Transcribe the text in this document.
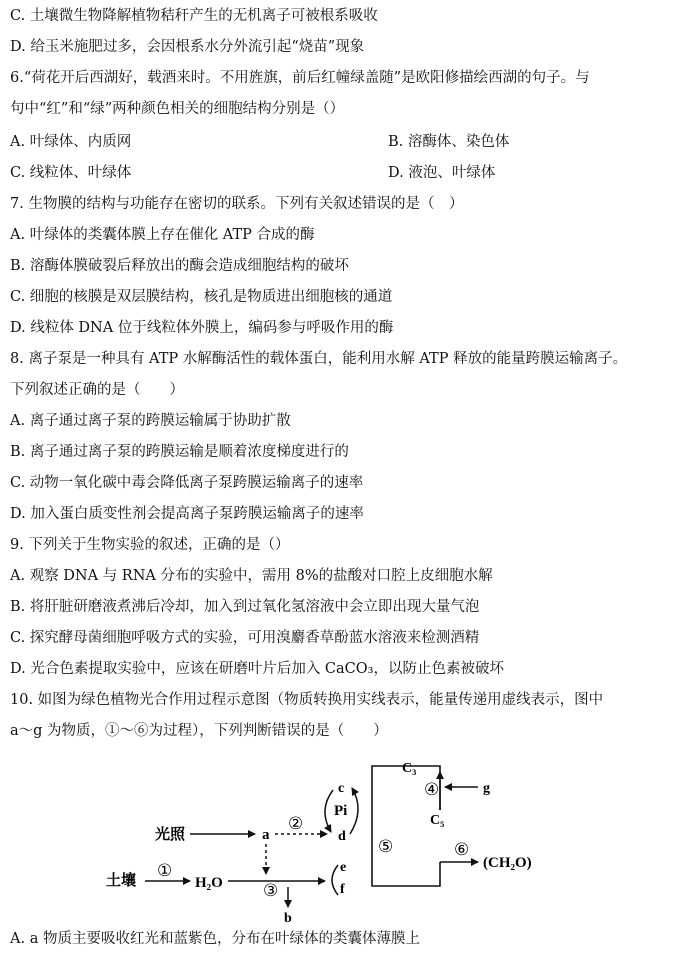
C. 土壤微生物降解植物秸秆产生的无机离子可被根系吸收
D. 给玉米施肥过多，会因根系水分外流引起“烧苗”现象
6.“荷花开后西湖好，载酒来时。不用旌旗，前后红幢绿盖随”是欧阳修描绘西湖的句子。与
句中“红”和“绿”两种颜色相关的细胞结构分别是（）
A. 叶绿体、内质网	B. 溶酶体、染色体
C. 线粒体、叶绿体	D. 液泡、叶绿体
7. 生物膜的结构与功能存在密切的联系。下列有关叙述错误的是（　）
A. 叶绿体的类囊体膜上存在催化 ATP 合成的酶
B. 溶酶体膜破裂后释放出的酶会造成细胞结构的破坏
C. 细胞的核膜是双层膜结构，核孔是物质进出细胞核的通道
D. 线粒体 DNA 位于线粒体外膜上，编码参与呼吸作用的酶
8. 离子泵是一种具有 ATP 水解酶活性的载体蛋白，能利用水解 ATP 释放的能量跨膜运输离子。
下列叙述正确的是（　　）
A. 离子通过离子泵的跨膜运输属于协助扩散
B. 离子通过离子泵的跨膜运输是顺着浓度梯度进行的
C. 动物一氧化碳中毒会降低离子泵跨膜运输离子的速率
D. 加入蛋白质变性剂会提高离子泵跨膜运输离子的速率
9. 下列关于生物实验的叙述，正确的是（）
A. 观察 DNA 与 RNA 分布的实验中，需用 8%的盐酸对口腔上皮细胞水解
B. 将肝脏研磨液煮沸后冷却，加入到过氧化氢溶液中会立即出现大量气泡
C. 探究酵母菌细胞呼吸方式的实验，可用溴麝香草酚蓝水溶液来检测酒精
D. 光合色素提取实验中，应该在研磨叶片后加入 CaCO₃，以防止色素被破坏
10. 如图为绿色植物光合作用过程示意图（物质转换用实线表示，能量传递用虚线表示，图中
a～g 为物质，①～⑥为过程），下列判断错误的是（　　）
光照	a
②
c
Pi
d
土壤
①
H₂O ③
b
e
f
⑤
C₃
④	g
C₅
⑥
(CH₂O)
A. a 物质主要吸收红光和蓝紫色，分布在叶绿体的类囊体薄膜上
